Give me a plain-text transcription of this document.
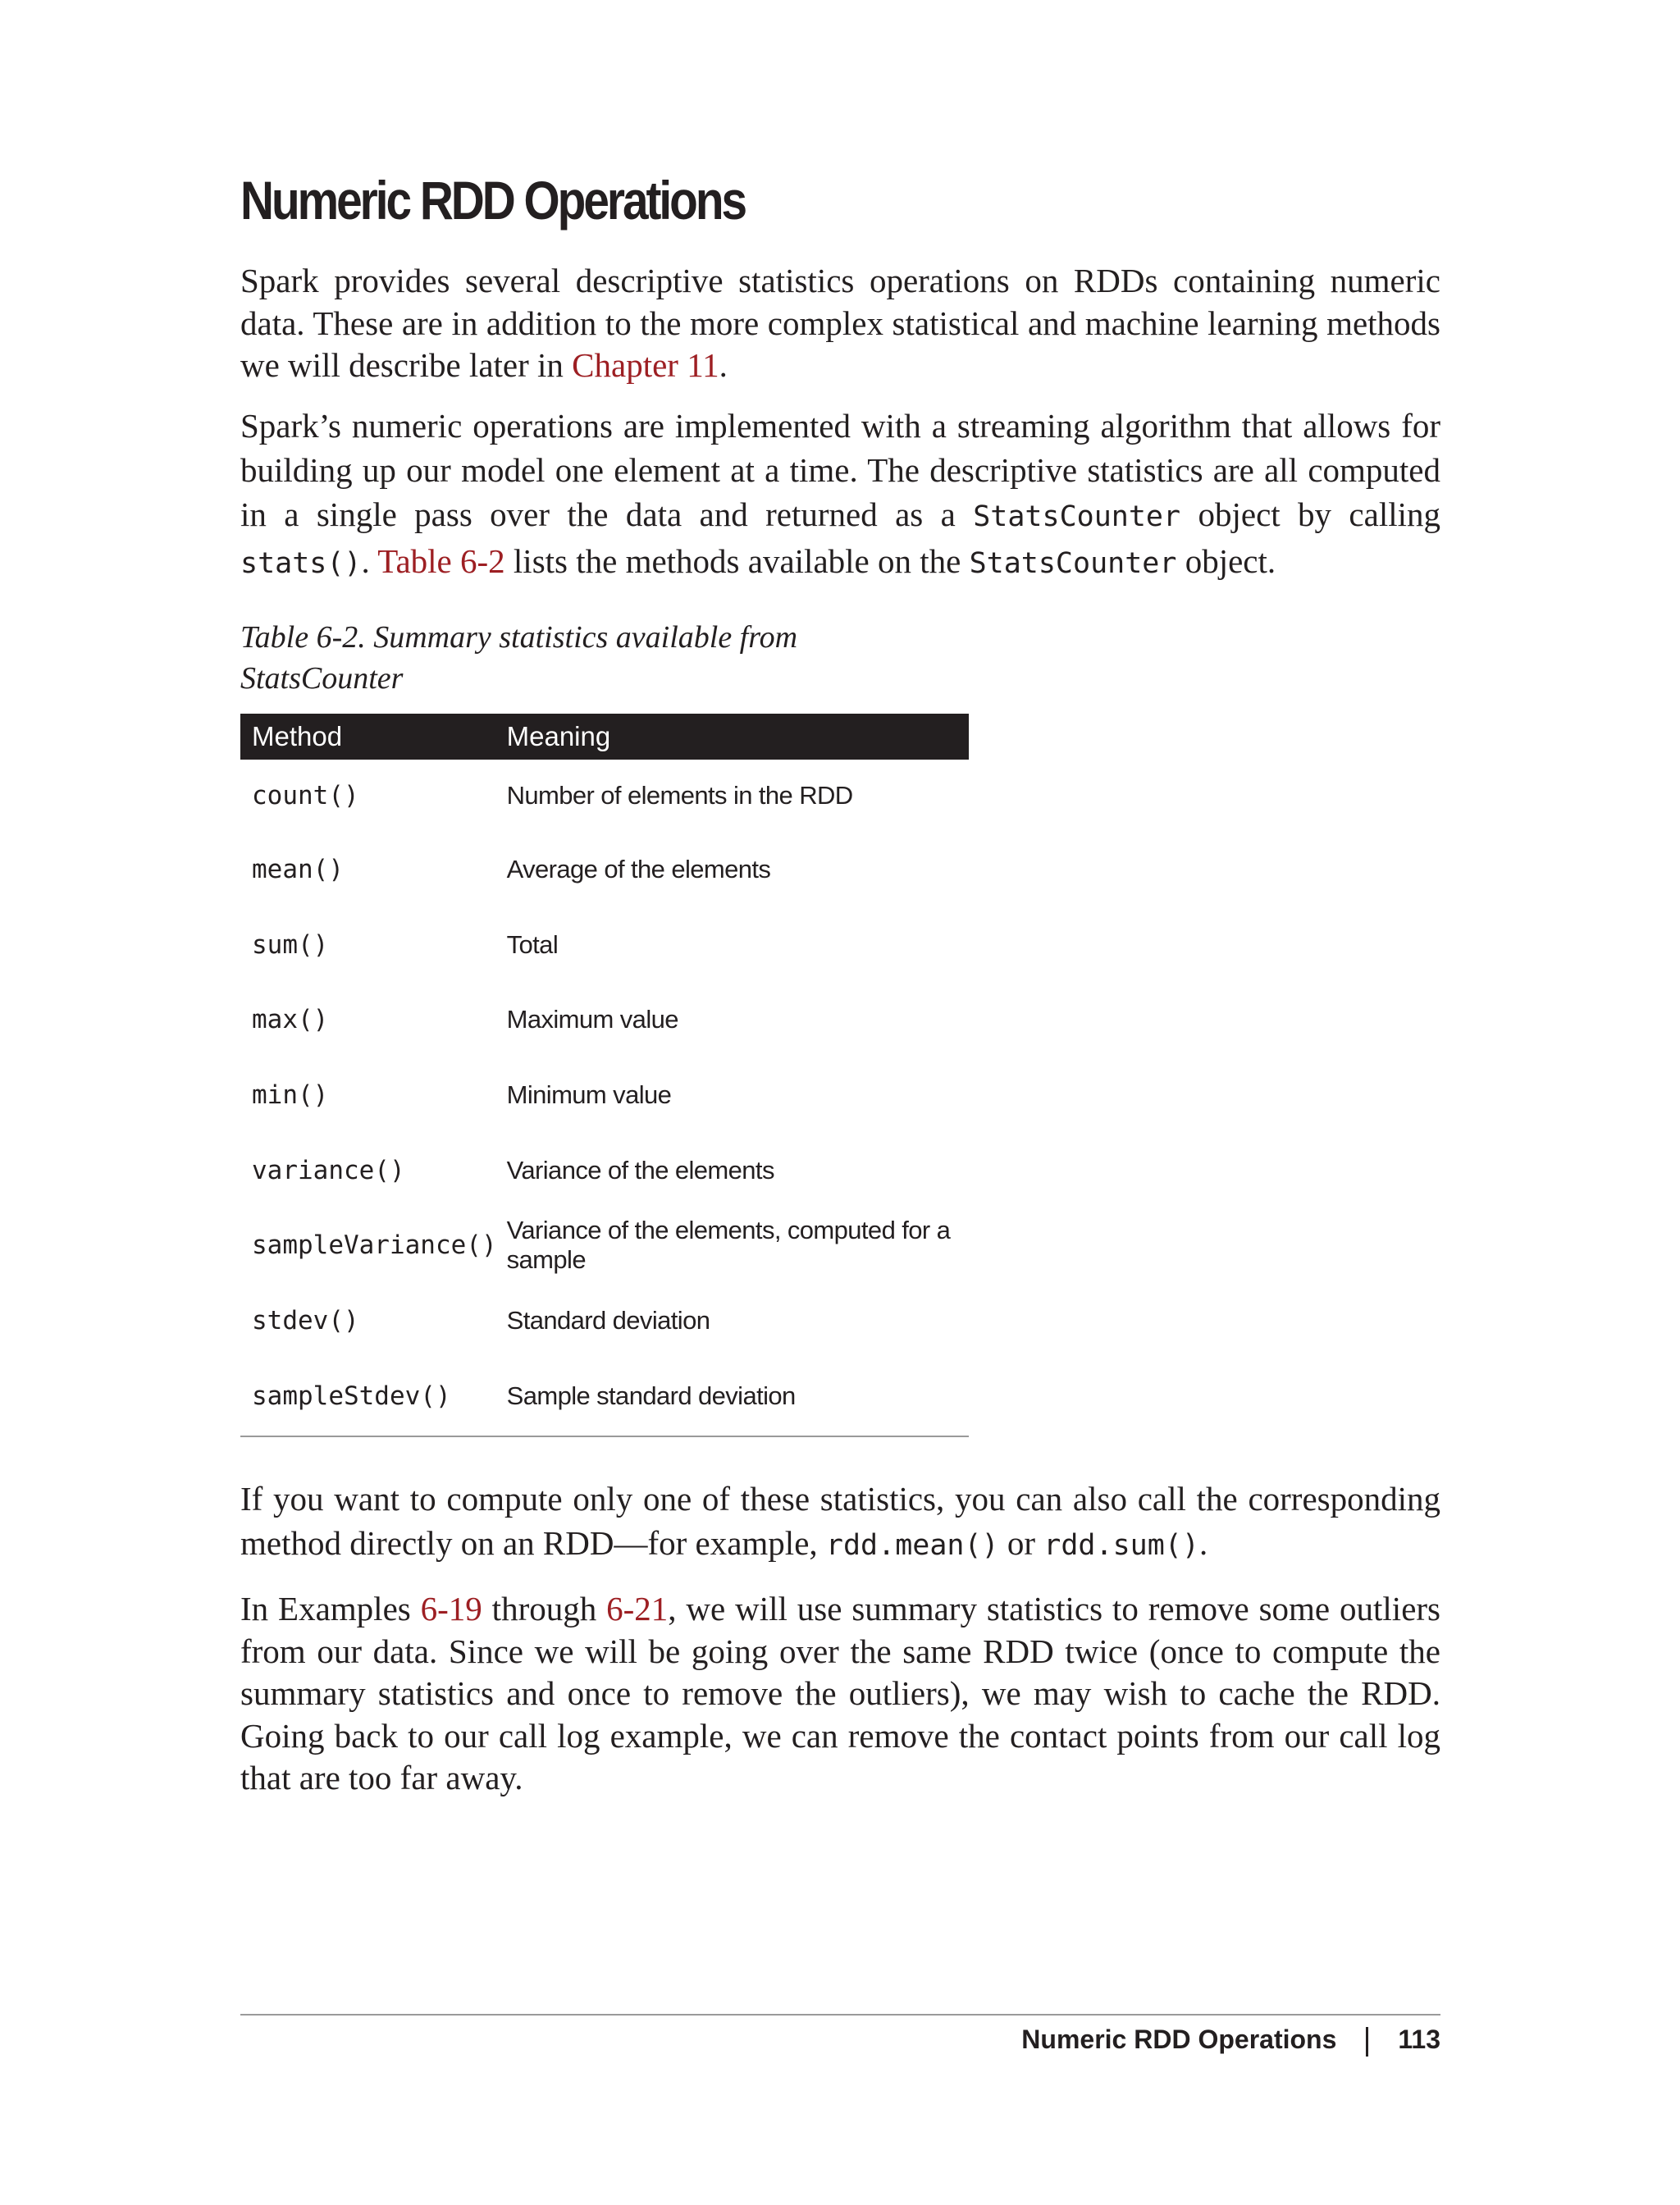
Numeric RDD Operations

Spark provides several descriptive statistics operations on RDDs containing numeric data. These are in addition to the more complex statistical and machine learning methods we will describe later in Chapter 11.

Spark’s numeric operations are implemented with a streaming algorithm that allows for building up our model one element at a time. The descriptive statistics are all computed in a single pass over the data and returned as a StatsCounter object by calling stats(). Table 6-2 lists the methods available on the StatsCounter object.

Table 6-2. Summary statistics available from
StatsCounter

Method	Meaning
count()	Number of elements in the RDD
mean()	Average of the elements
sum()	Total
max()	Maximum value
min()	Minimum value
variance()	Variance of the elements
sampleVariance()	Variance of the elements, computed for a sample
stdev()	Standard deviation
sampleStdev()	Sample standard deviation

If you want to compute only one of these statistics, you can also call the corresponding method directly on an RDD—for example, rdd.mean() or rdd.sum().

In Examples 6-19 through 6-21, we will use summary statistics to remove some outliers from our data. Since we will be going over the same RDD twice (once to compute the summary statistics and once to remove the outliers), we may wish to cache the RDD. Going back to our call log example, we can remove the contact points from our call log that are too far away.

Numeric RDD Operations 113
